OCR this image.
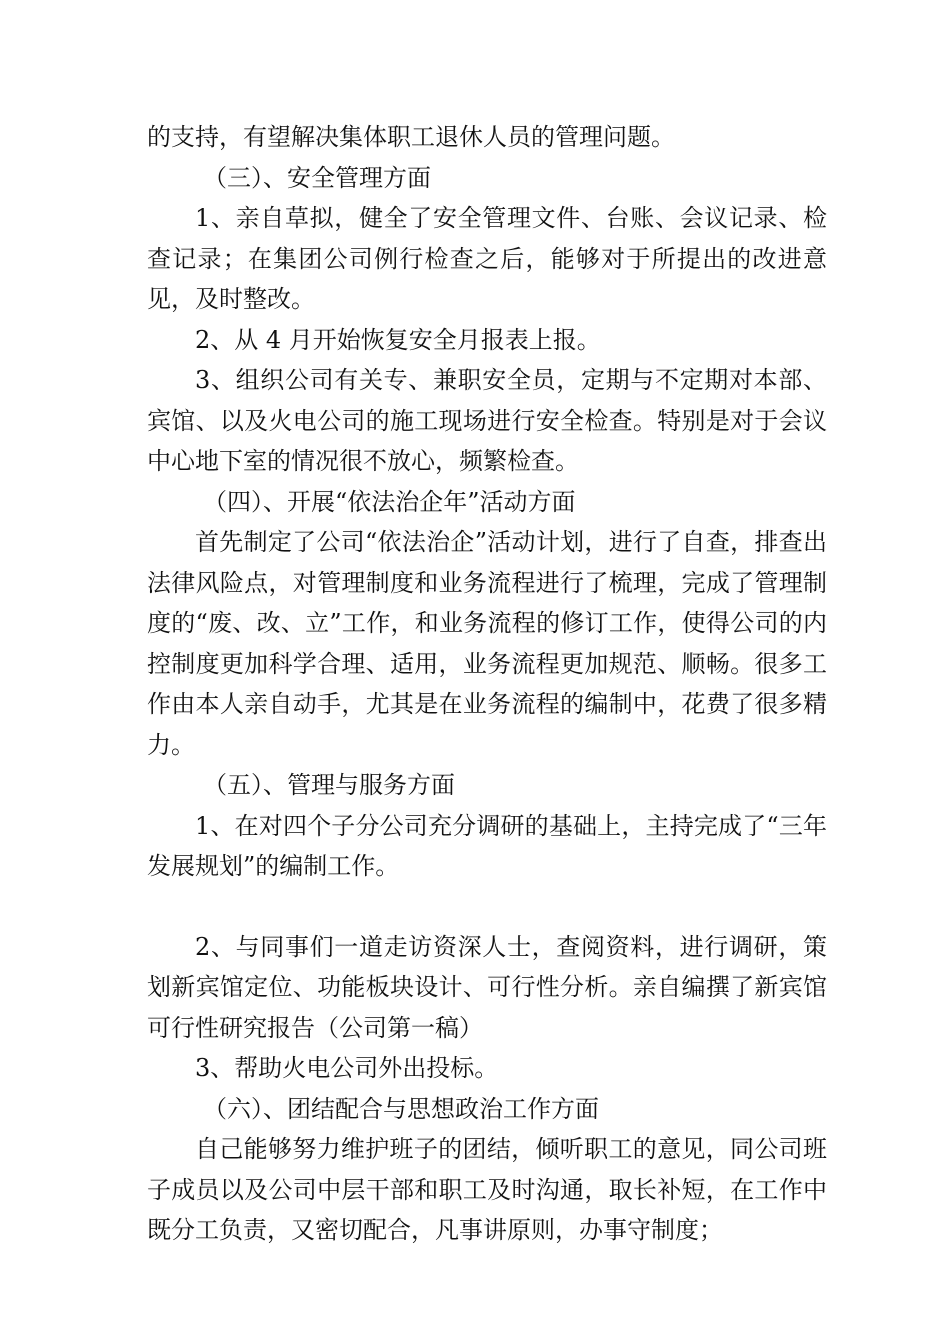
的支持，有望解决集体职工退休人员的管理问题。

（三）、安全管理方面

1、亲自草拟，健全了安全管理文件、台账、会议记录、检查记录；在集团公司例行检查之后，能够对于所提出的改进意见，及时整改。

2、从 4 月开始恢复安全月报表上报。

3、组织公司有关专、兼职安全员，定期与不定期对本部、宾馆、以及火电公司的施工现场进行安全检查。特别是对于会议中心地下室的情况很不放心，频繁检查。

（四）、开展“依法治企年”活动方面

首先制定了公司“依法治企”活动计划，进行了自查，排查出法律风险点，对管理制度和业务流程进行了梳理，完成了管理制度的“废、改、立”工作，和业务流程的修订工作，使得公司的内控制度更加科学合理、适用，业务流程更加规范、顺畅。很多工作由本人亲自动手，尤其是在业务流程的编制中，花费了很多精力。

（五）、管理与服务方面

1、在对四个子分公司充分调研的基础上，主持完成了“三年发展规划”的编制工作。

2、与同事们一道走访资深人士，查阅资料，进行调研，策划新宾馆定位、功能板块设计、可行性分析。亲自编撰了新宾馆可行性研究报告（公司第一稿）

3、帮助火电公司外出投标。

（六）、团结配合与思想政治工作方面

自己能够努力维护班子的团结，倾听职工的意见，同公司班子成员以及公司中层干部和职工及时沟通，取长补短，在工作中既分工负责，又密切配合，凡事讲原则，办事守制度；
